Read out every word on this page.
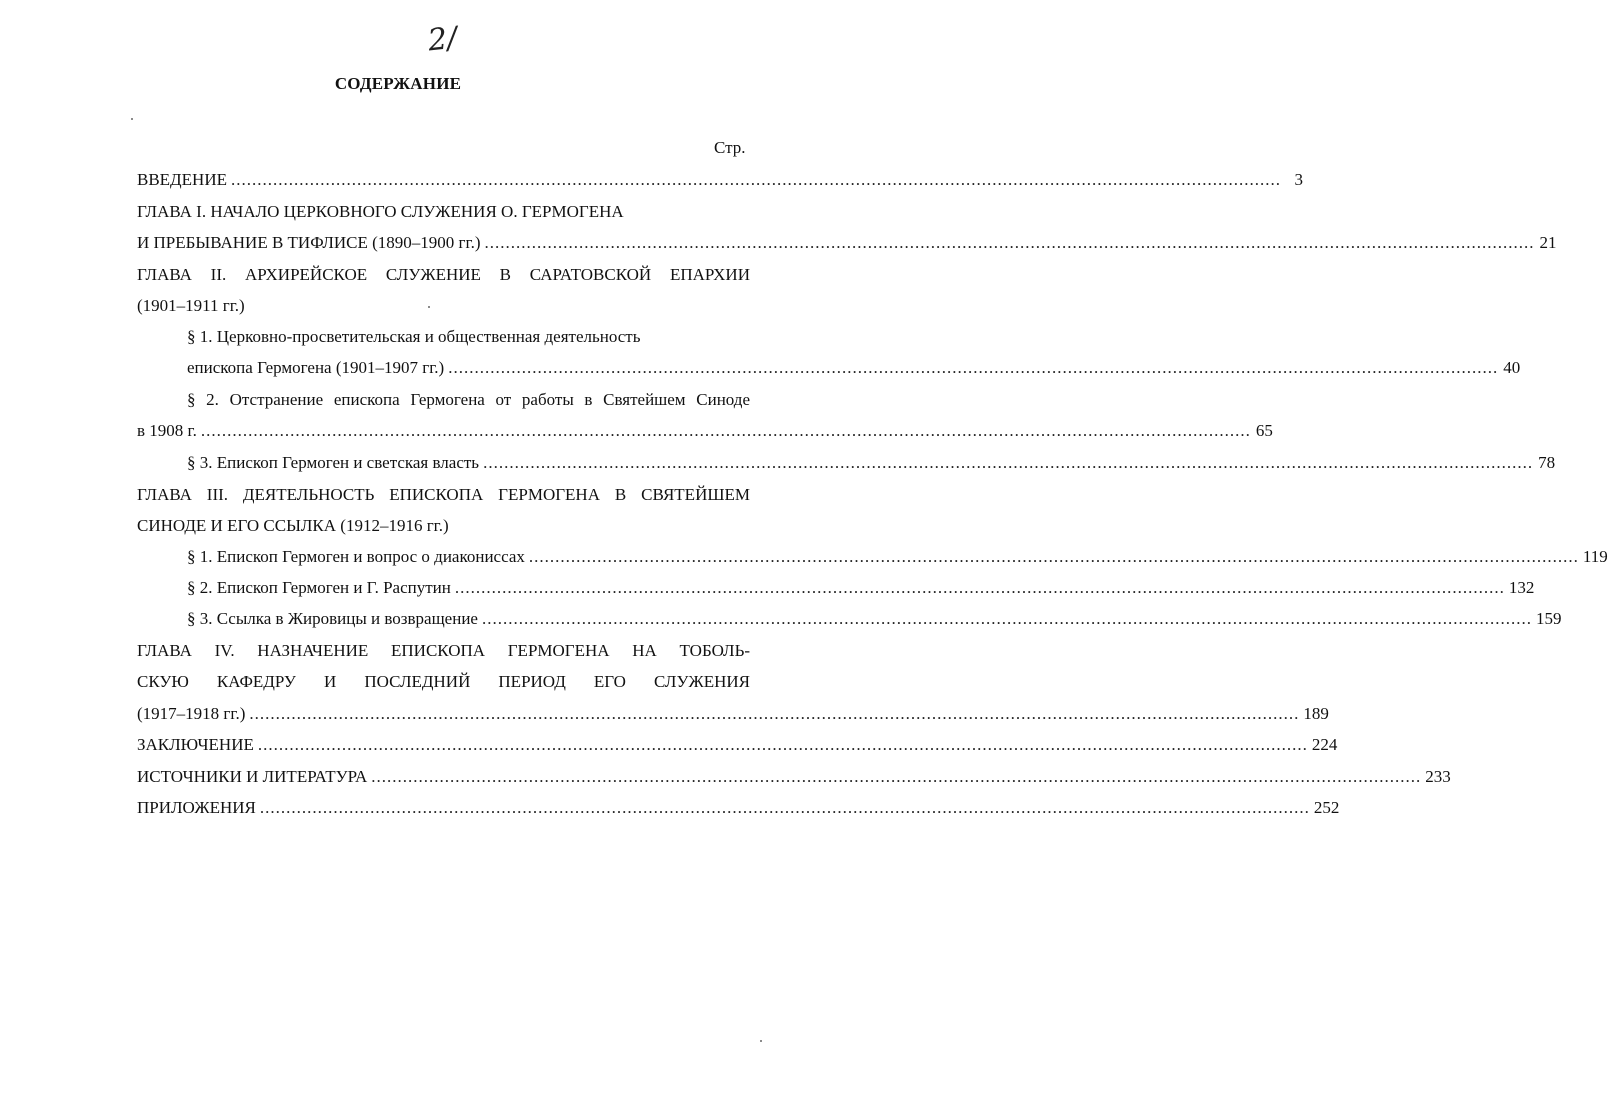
2/
СОДЕРЖАНИЕ
Стр.
ВВЕДЕНИЕ ........................................................................................................................................................................................................ 3
ГЛАВА I. НАЧАЛО ЦЕРКОВНОГО СЛУЖЕНИЯ О. ГЕРМОГЕНА
И ПРЕБЫВАНИЕ В ТИФЛИСЕ (1890–1900 гг.) ........................................................................................................................................................................................................ 21
ГЛАВА II. АРХИРЕЙСКОЕ СЛУЖЕНИЕ В САРАТОВСКОЙ ЕПАРХИИ
(1901–1911 гг.)
§ 1. Церковно-просветительская и общественная деятельность
епископа Гермогена (1901–1907 гг.) ........................................................................................................................................................................................................ 40
§ 2. Отстранение епископа Гермогена от работы в Святейшем Синоде
в 1908 г. ........................................................................................................................................................................................................ 65
§ 3. Епископ Гермоген и светская власть ........................................................................................................................................................................................................ 78
ГЛАВА III. ДЕЯТЕЛЬНОСТЬ ЕПИСКОПА ГЕРМОГЕНА В СВЯТЕЙШЕМ
СИНОДЕ И ЕГО ССЫЛКА (1912–1916 гг.)
§ 1. Епископ Гермоген и вопрос о диакониссах ........................................................................................................................................................................................................ 119
§ 2. Епископ Гермоген и Г. Распутин ........................................................................................................................................................................................................ 132
§ 3. Ссылка в Жировицы и возвращение ........................................................................................................................................................................................................ 159
ГЛАВА IV. НАЗНАЧЕНИЕ ЕПИСКОПА ГЕРМОГЕНА НА ТОБОЛЬ-
СКУЮ КАФЕДРУ И ПОСЛЕДНИЙ ПЕРИОД ЕГО СЛУЖЕНИЯ
(1917–1918 гг.) ........................................................................................................................................................................................................ 189
ЗАКЛЮЧЕНИЕ ........................................................................................................................................................................................................ 224
ИСТОЧНИКИ И ЛИТЕРАТУРА ........................................................................................................................................................................................................ 233
ПРИЛОЖЕНИЯ ........................................................................................................................................................................................................ 252
